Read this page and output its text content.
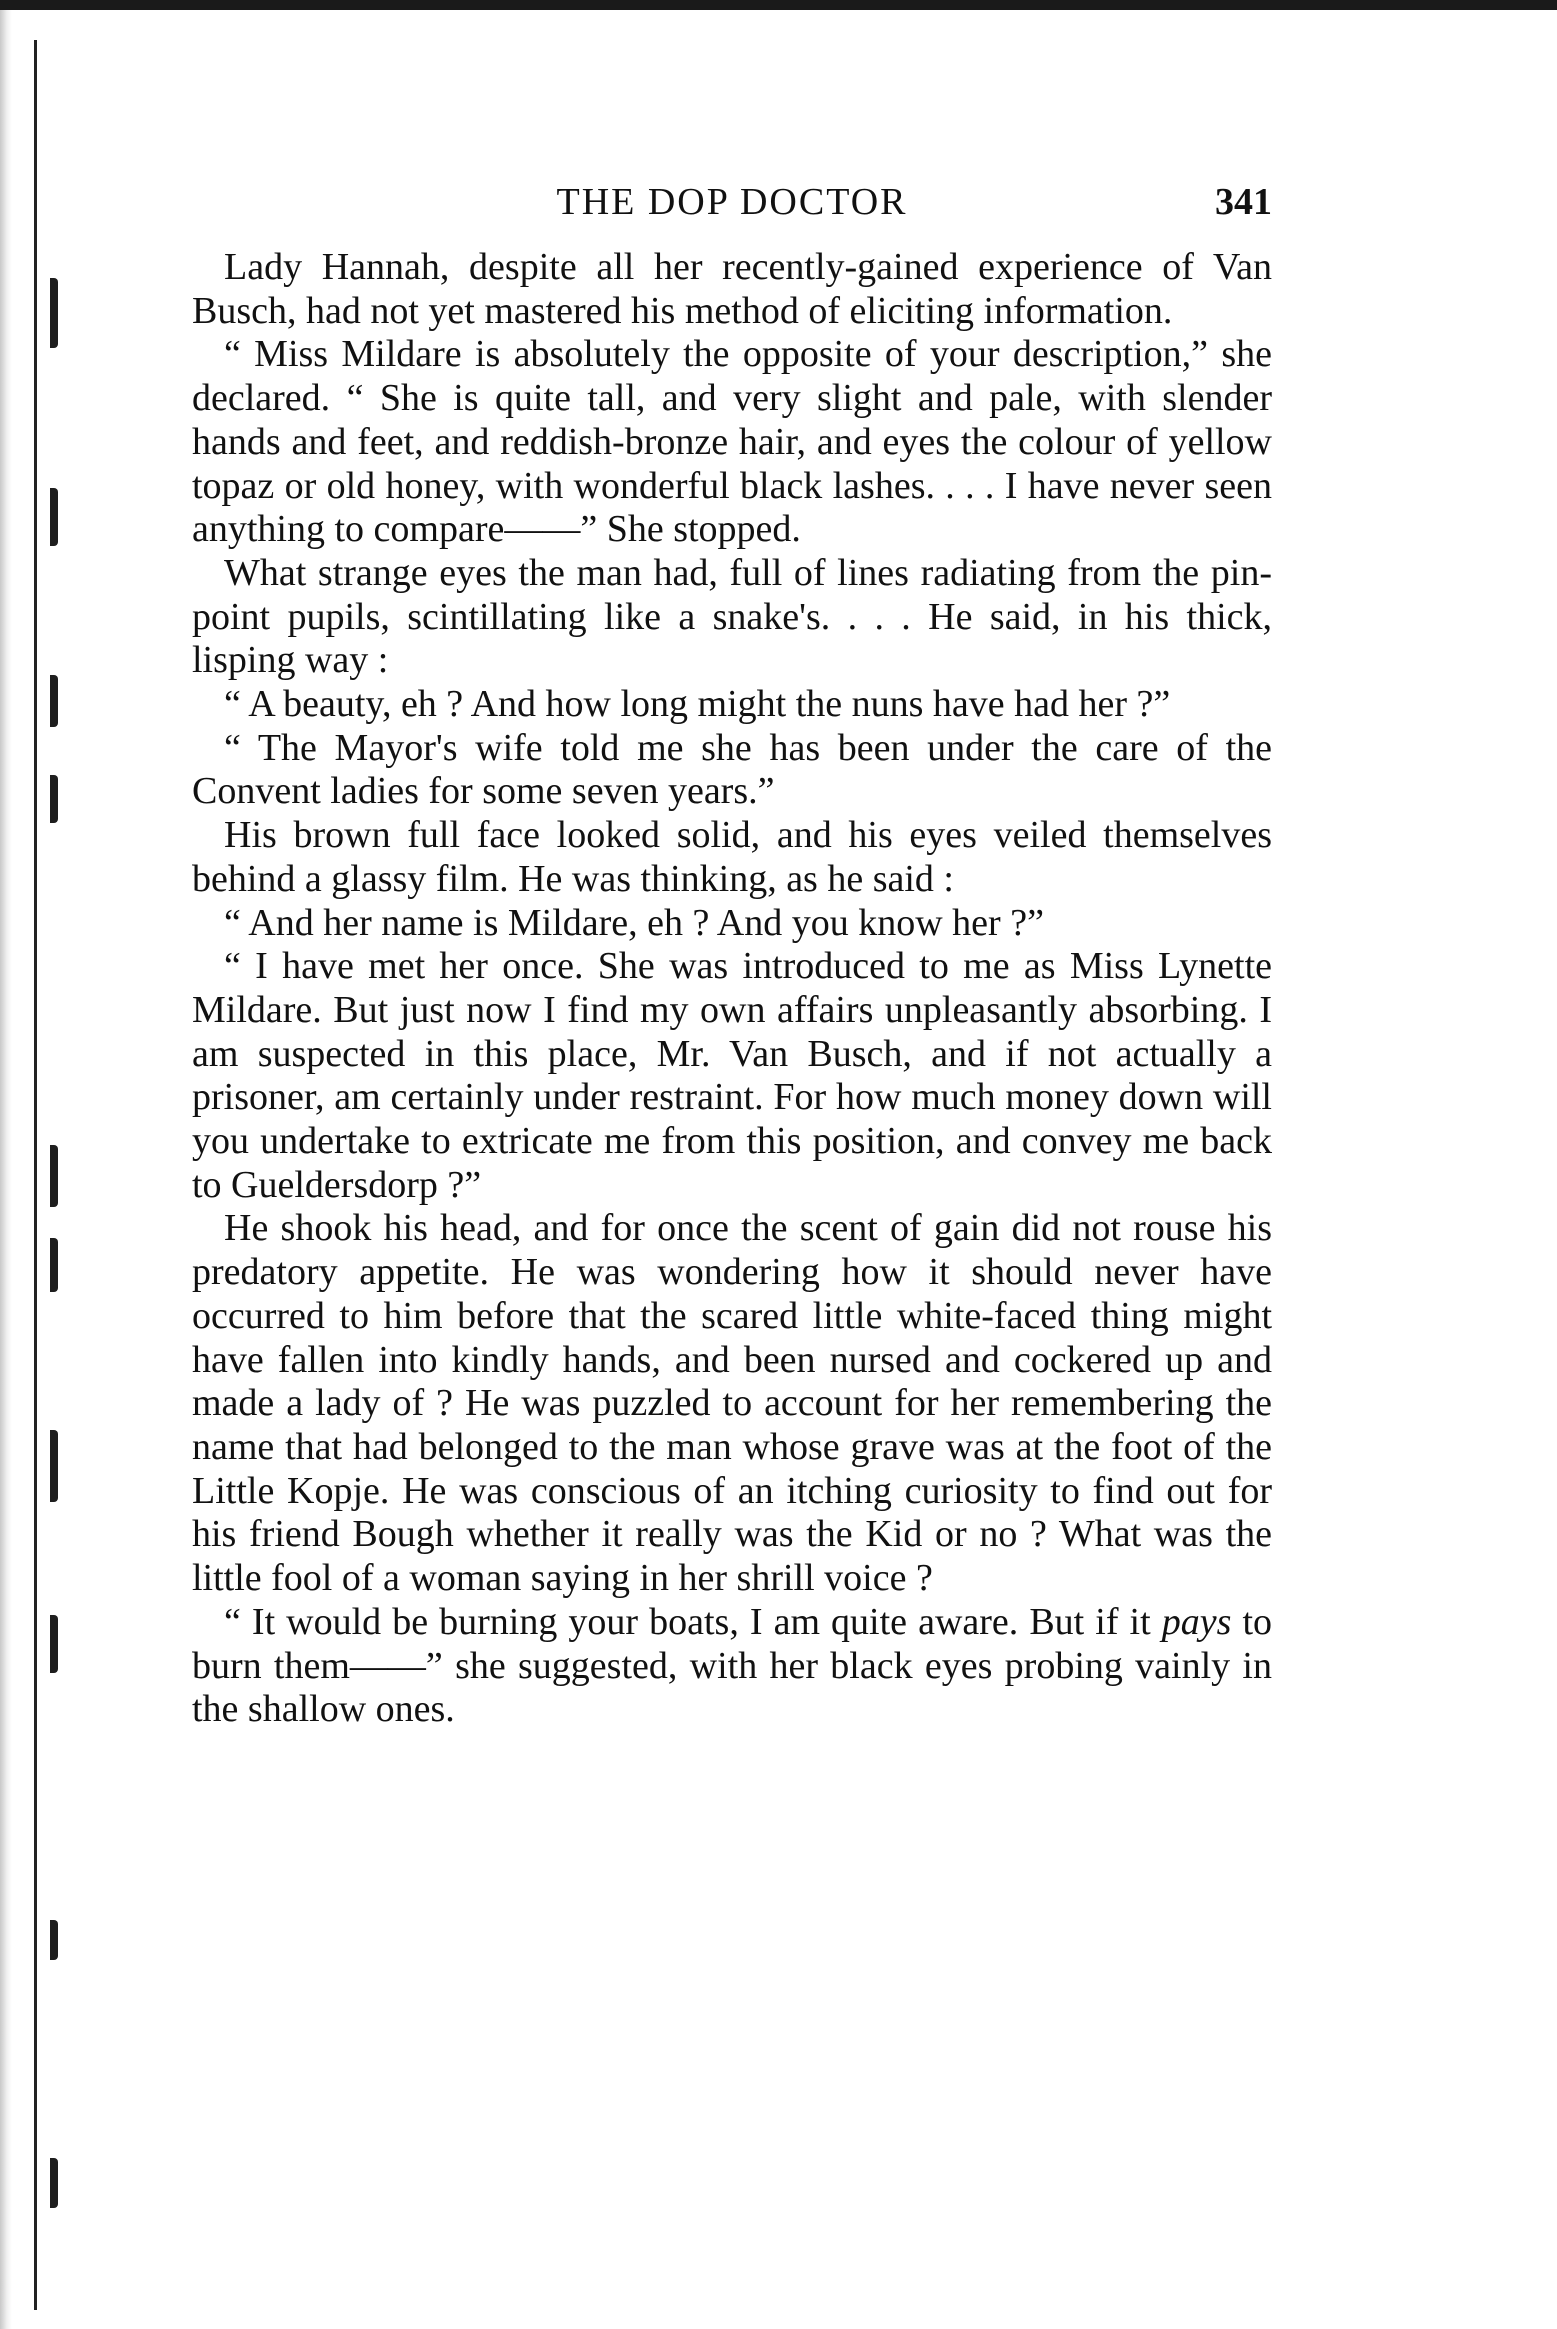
THE DOP DOCTOR	341

Lady Hannah, despite all her recently-gained experience of Van Busch, had not yet mastered his method of eliciting information.

“ Miss Mildare is absolutely the opposite of your description,” she declared. “ She is quite tall, and very slight and pale, with slender hands and feet, and reddish-bronze hair, and eyes the colour of yellow topaz or old honey, with wonderful black lashes. . . . I have never seen anything to compare——” She stopped.

What strange eyes the man had, full of lines radiating from the pin-point pupils, scintillating like a snake's. . . . He said, in his thick, lisping way :

“ A beauty, eh ? And how long might the nuns have had her ?”

“ The Mayor's wife told me she has been under the care of the Convent ladies for some seven years.”

His brown full face looked solid, and his eyes veiled themselves behind a glassy film. He was thinking, as he said :

“ And her name is Mildare, eh ? And you know her ?”

“ I have met her once. She was introduced to me as Miss Lynette Mildare. But just now I find my own affairs unpleasantly absorbing. I am suspected in this place, Mr. Van Busch, and if not actually a prisoner, am certainly under restraint. For how much money down will you undertake to extricate me from this position, and convey me back to Gueldersdorp ?”

He shook his head, and for once the scent of gain did not rouse his predatory appetite. He was wondering how it should never have occurred to him before that the scared little white-faced thing might have fallen into kindly hands, and been nursed and cockered up and made a lady of ? He was puzzled to account for her remembering the name that had belonged to the man whose grave was at the foot of the Little Kopje. He was conscious of an itching curiosity to find out for his friend Bough whether it really was the Kid or no ? What was the little fool of a woman saying in her shrill voice ?

“ It would be burning your boats, I am quite aware. But if it pays to burn them——” she suggested, with her black eyes probing vainly in the shallow ones.
